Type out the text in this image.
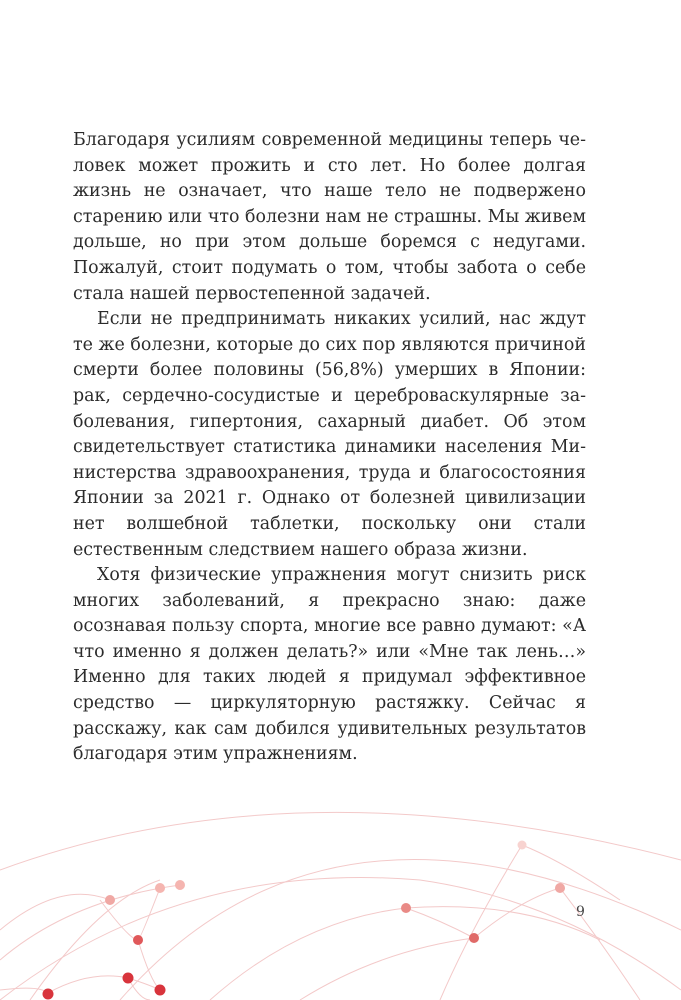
Благодаря усилиям современной медицины теперь человек может прожить и сто лет. Но более долгая жизнь не означает, что наше тело не подвержено старению или что болезни нам не страшны. Мы живем дольше, но при этом дольше боремся с недугами. Пожалуй, стоит подумать о том, чтобы забота о себе стала нашей первостепенной задачей.

Если не предпринимать никаких усилий, нас ждут те же болезни, которые до сих пор являются причиной смерти более половины (56,8%) умерших в Японии: рак, сердечно-сосудистые и цереброваскулярные заболевания, гипертония, сахарный диабет. Об этом свидетельствует статистика динамики населения Министерства здравоохранения, труда и благосостояния Японии за 2021 г. Однако от болезней цивилизации нет волшебной таблетки, поскольку они стали естественным следствием нашего образа жизни.

Хотя физические упражнения могут снизить риск многих заболеваний, я прекрасно знаю: даже осознавая пользу спорта, многие все равно думают: «А что именно я должен делать?» или «Мне так лень…» Именно для таких людей я придумал эффективное средство — циркуляторную растяжку. Сейчас я расскажу, как сам добился удивительных результатов благодаря этим упражнениям.

9
